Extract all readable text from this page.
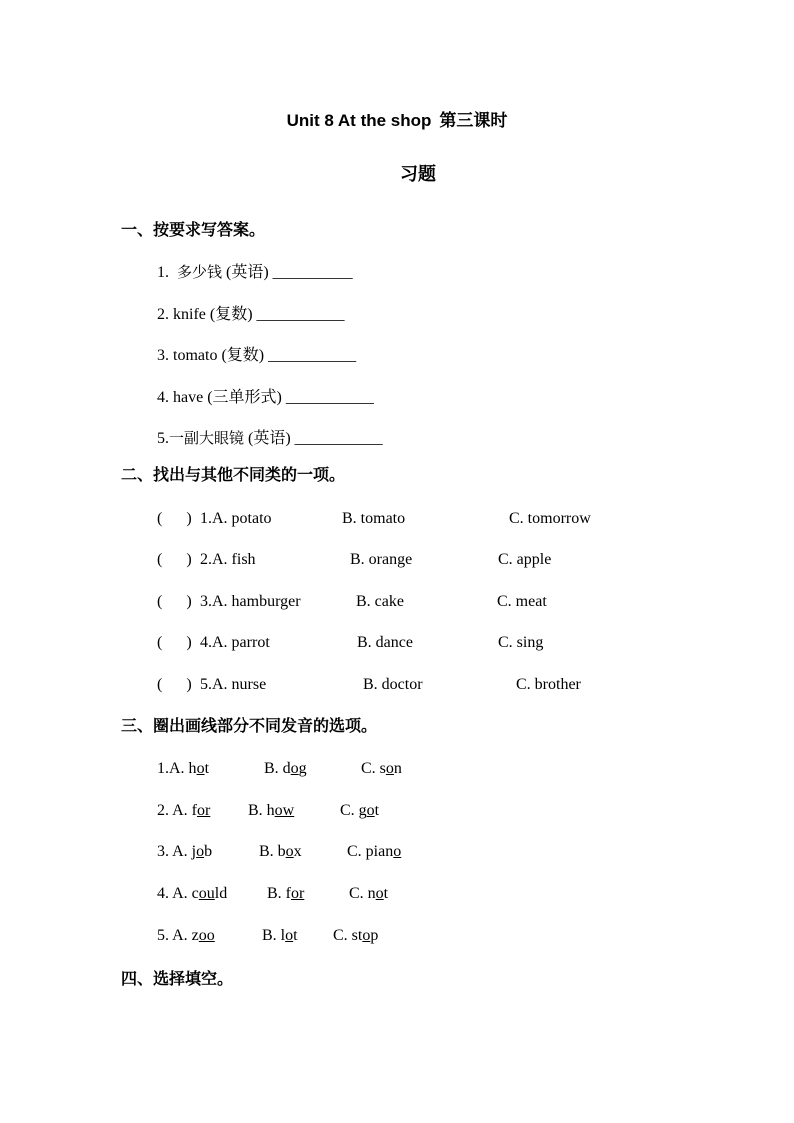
Unit 8 At the shop 第三课时
习题
一、按要求写答案。
1.  多少钱 (英语) __________
2. knife (复数) ___________
3. tomato (复数) ___________
4. have (三单形式) ___________
5.一副大眼镜 (英语) ___________
二、找出与其他不同类的一项。
(      ) 1.A. potato	B. tomato	C. tomorrow
(      ) 2.A. fish	B. orange	C. apple
(      ) 3.A. hamburger	B. cake	C. meat
(      ) 4.A. parrot	B. dance	C. sing
(      ) 5.A. nurse	B. doctor	C. brother
三、圈出画线部分不同发音的选项。
1.A. hot	B. dog	C. son
2. A. for B. how	C. got
3. A. job	B. box	C. piano
4. A. could B. for	C. not
5. A. zoo	B. lot C. stop
四、选择填空。
